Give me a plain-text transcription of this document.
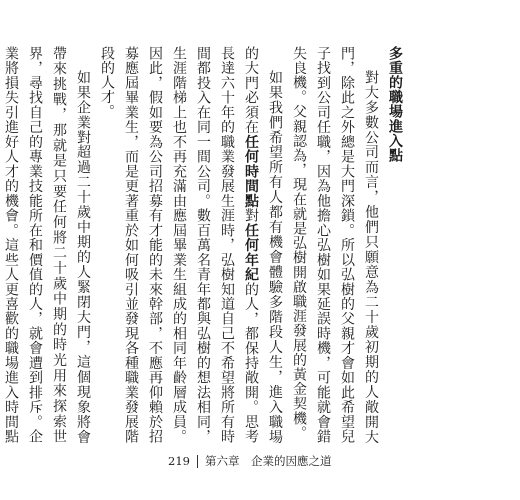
多重的職場進入點

對大多數公司而言，他們只願意為二十歲初期的人敞開大門，除此之外總是大門深鎖。所以弘樹的父親才會如此希望兒子找到公司任職，因為他擔心弘樹如果延誤時機，可能就會錯失良機。父親認為，現在就是弘樹開啟職涯發展的黃金契機。

如果我們希望所有人都有機會體驗多階段人生，進入職場的大門必須在任何時間點對任何年紀的人，都保持敞開。思考長達六十年的職業發展生涯時，弘樹知道自己不希望將所有時間都投入在同一間公司。數百萬名青年都與弘樹的想法相同，生涯階梯上也不再充滿由應屆畢業生組成的相同年齡層成員。因此，假如要為公司招募有才能的未來幹部，不應再仰賴於招募應屆畢業生，而是更著重於如何吸引並發現各種職業發展階段的人才。

如果企業對超過二十歲中期的人緊閉大門，這個現象將會帶來挑戰，那就是只要任何將二十歲中期的時光用來探索世界，尋找自己的專業技能所在和價值的人，就會遭到排斥。企業將損失引進好人才的機會。這些人更喜歡的職場進入時間點

219 第六章　企業的因應之道
